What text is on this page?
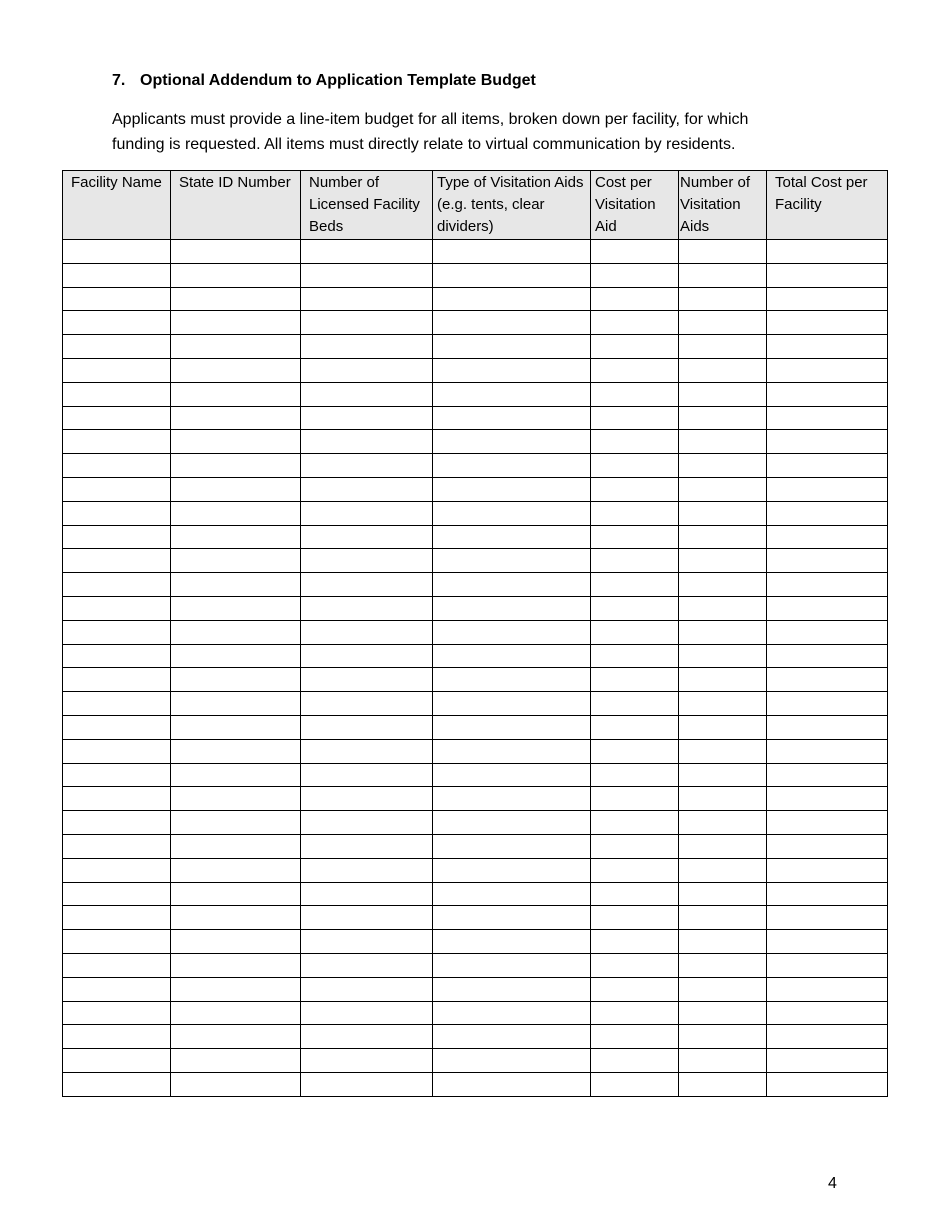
7. Optional Addendum to Application Template Budget
Applicants must provide a line-item budget for all items, broken down per facility, for which
funding is requested. All items must directly relate to virtual communication by residents.
Facility Name	State ID Number	Number of Licensed Facility Beds	Type of Visitation Aids (e.g. tents, clear dividers)	Cost per Visitation Aid	Number of Visitation Aids	Total Cost per Facility

4
